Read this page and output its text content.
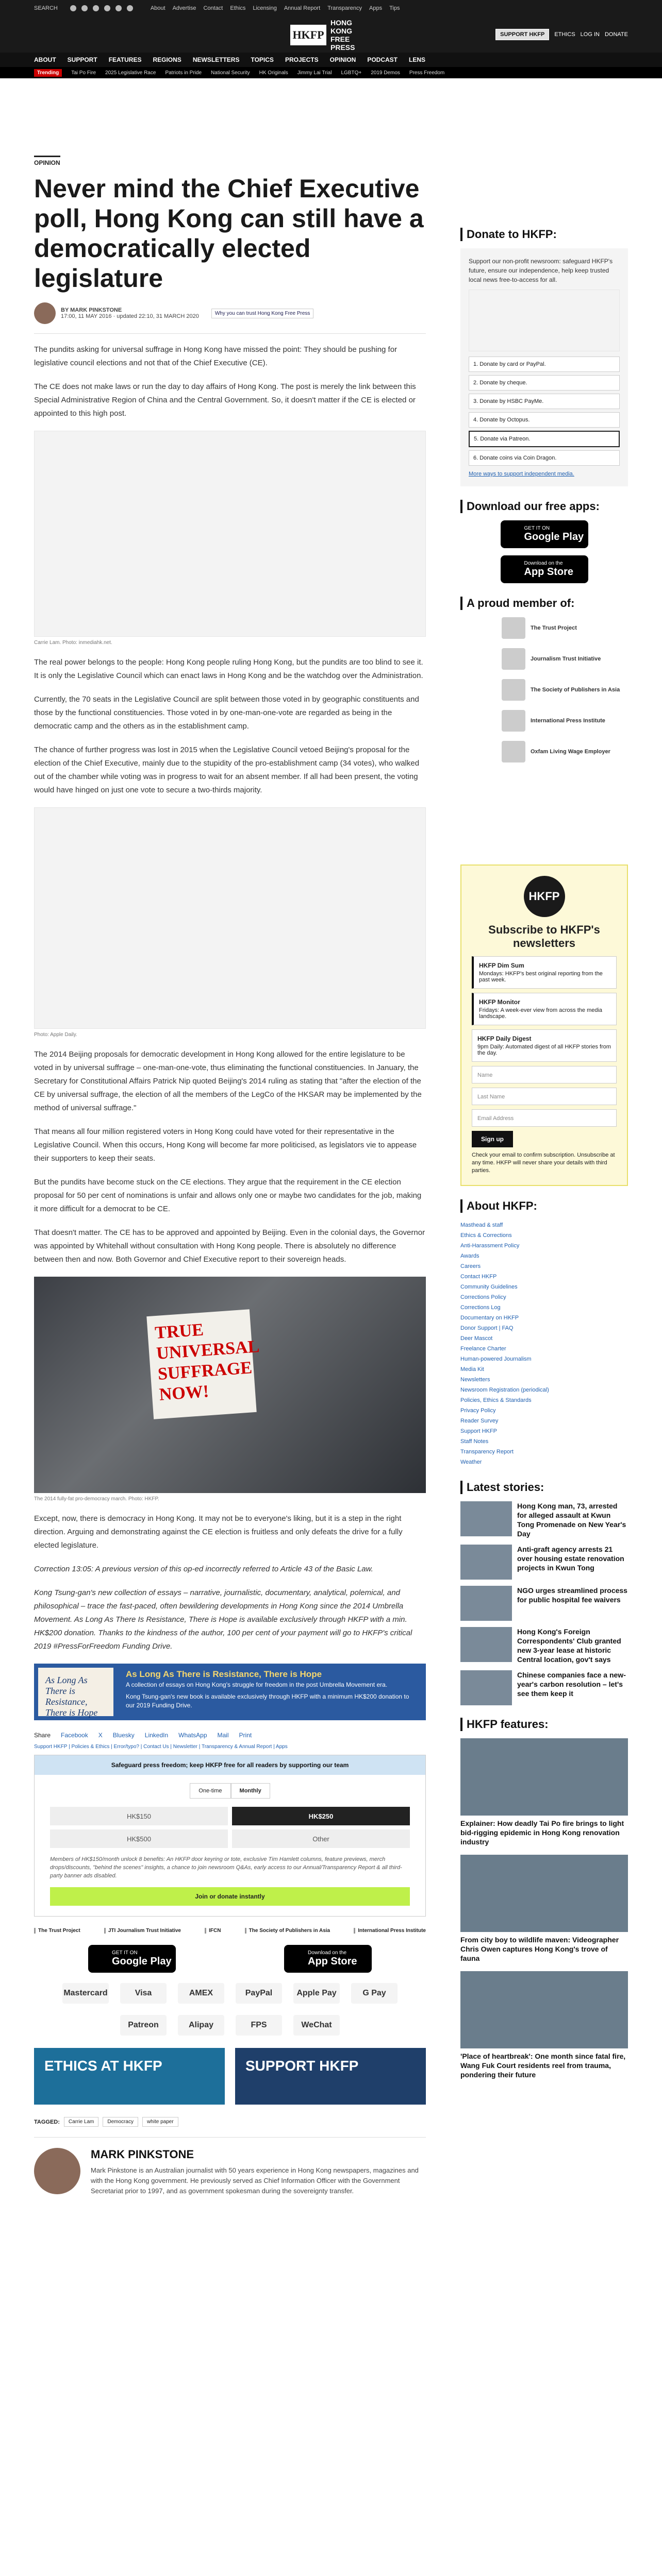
SEARCH	About Advertise Contact Ethics Licensing Annual Report Transparency Apps Tips
HKFP
HONG KONG FREE PRESS
SUPPORT HKFP	ETHICS LOG IN DONATE
ABOUT SUPPORT FEATURES REGIONS NEWSLETTERS TOPICS PROJECTS OPINION PODCAST LENS
Trending	Tai Po Fire 2025 Legislative Race Patriots in Pride National Security HK Originals Jimmy Lai Trial LGBTQ+ 2019 Demos Press Freedom
OPINION
Never mind the Chief Executive poll, Hong Kong can still have a democratically elected legislature
BY MARK PINKSTONE
17:00, 11 MAY 2016 · updated 22:10, 31 MARCH 2020	Why you can trust Hong Kong Free Press

The pundits asking for universal suffrage in Hong Kong have missed the point: They should be pushing for legislative council elections and not that of the Chief Executive (CE).

The CE does not make laws or run the day to day affairs of Hong Kong. The post is merely the link between this Special Administrative Region of China and the Central Government. So, it doesn't matter if the CE is elected or appointed to this high post.

Carrie Lam. Photo: inmediahk.net.

The real power belongs to the people: Hong Kong people ruling Hong Kong, but the pundits are too blind to see it. It is only the Legislative Council which can enact laws in Hong Kong and be the watchdog over the Administration.

Currently, the 70 seats in the Legislative Council are split between those voted in by geographic constituents and those by the functional constituencies. Those voted in by one-man-one-vote are regarded as being in the democratic camp and the others as in the establishment camp.

The chance of further progress was lost in 2015 when the Legislative Council vetoed Beijing's proposal for the election of the Chief Executive, mainly due to the stupidity of the pro-establishment camp (34 votes), who walked out of the chamber while voting was in progress to wait for an absent member. If all had been present, the voting would have hinged on just one vote to secure a two-thirds majority.

Photo: Apple Daily.

The 2014 Beijing proposals for democratic development in Hong Kong allowed for the entire legislature to be voted in by universal suffrage – one-man-one-vote, thus eliminating the functional constituencies. In January, the Secretary for Constitutional Affairs Patrick Nip quoted Beijing's 2014 ruling as stating that "after the election of the CE by universal suffrage, the election of all the members of the LegCo of the HKSAR may be implemented by the method of universal suffrage."

That means all four million registered voters in Hong Kong could have voted for their representative in the Legislative Council. When this occurs, Hong Kong will become far more politicised, as legislators vie to appease their supporters to keep their seats.

But the pundits have become stuck on the CE elections. They argue that the requirement in the CE election proposal for 50 per cent of nominations is unfair and allows only one or maybe two candidates for the job, making it more difficult for a democrat to be CE.

That doesn't matter. The CE has to be approved and appointed by Beijing. Even in the colonial days, the Governor was appointed by Whitehall without consultation with Hong Kong people. There is absolutely no difference between then and now. Both Governor and Chief Executive report to their sovereign heads.

TRUE UNIVERSAL SUFFRAGE NOW!
The 2014 fully-fat pro-democracy march. Photo: HKFP.

Except, now, there is democracy in Hong Kong. It may not be to everyone's liking, but it is a step in the right direction. Arguing and demonstrating against the CE election is fruitless and only defeats the drive for a fully elected legislature.

Correction 13:05: A previous version of this op-ed incorrectly referred to Article 43 of the Basic Law.

Kong Tsung-gan's new collection of essays – narrative, journalistic, documentary, analytical, polemical, and philosophical – trace the fast-paced, often bewildering developments in Hong Kong since the 2014 Umbrella Movement. As Long As There Is Resistance, There is Hope is available exclusively through HKFP with a min. HK$200 donation. Thanks to the kindness of the author, 100 per cent of your payment will go to HKFP's critical 2019 #PressForFreedom Funding Drive.

As Long As There is Resistance, There is Hope
As Long As There is Resistance, There is Hope
A collection of essays on Hong Kong's struggle for freedom in the post Umbrella Movement era.
Kong Tsung-gan's new book is available exclusively through HKFP with a minimum HK$200 donation to our 2019 Funding Drive.
Share Facebook X Bluesky LinkedIn WhatsApp Mail Print
Support HKFP | Policies & Ethics | Error/typo? | Contact Us | Newsletter | Transparency & Annual Report | Apps
Safeguard press freedom; keep HKFP free for all readers by supporting our team
One-time	Monthly
HK$150	HK$250
HK$500	Other
Members of HK$150/month unlock 8 benefits: An HKFP door keyring or tote, exclusive Tim Hamlett columns, feature previews, merch drops/discounts, "behind the scenes" insights, a chance to join newsroom Q&As, early access to our Annual/Transparency Report & all third-party banner ads disabled.
Join or donate instantly
The Trust Project	JTI Journalism Trust Initiative	IFCN	The Society of Publishers in Asia	International Press Institute
GET IT ON
Google Play
Download on the
App Store
Mastercard	Visa	AMEX	PayPal	Apple Pay	G Pay
Patreon	Alipay	FPS	WeChat
ETHICS AT HKFP	SUPPORT HKFP
TAGGED:	Carrie Lam	Democracy	white paper
MARK PINKSTONE

Mark Pinkstone is an Australian journalist with 50 years experience in Hong Kong newspapers, magazines and with the Hong Kong government. He previously served as Chief Information Officer with the Government Secretariat prior to 1997, and as government spokesman during the sovereignty transfer.

Donate to HKFP:

Support our non-profit newsroom: safeguard HKFP's future, ensure our independence, help keep trusted local news free-to-access for all.

1. Donate by card or PayPal.
2. Donate by cheque.
3. Donate by HSBC PayMe.
4. Donate by Octopus.
5. Donate via Patreon.
6. Donate coins via Coin Dragon.
More ways to support independent media.
Download our free apps:
GET IT ON
Google Play
Download on the
App Store
A proud member of:
The Trust Project
Journalism Trust Initiative
The Society of Publishers in Asia
International Press Institute
Oxfam Living Wage Employer
HKFP
Subscribe to HKFP's newsletters
HKFP Dim Sum
Mondays: HKFP's best original reporting from the past week.
HKFP Monitor
Fridays: A week-ever view from across the media landscape.
HKFP Daily Digest
9pm Daily: Automated digest of all HKFP stories from the day.
Name
Last Name
Email Address
Sign up
Check your email to confirm subscription. Unsubscribe at any time. HKFP will never share your details with third parties.
About HKFP:
Masthead & staff
Ethics & Corrections
Anti-Harassment Policy
Awards
Careers
Contact HKFP
Community Guidelines
Corrections Policy
Corrections Log
Documentary on HKFP
Donor Support | FAQ
Deer Mascot
Freelance Charter
Human-powered Journalism
Media Kit
Newsletters
Newsroom Registration (periodical)
Policies, Ethics & Standards
Privacy Policy
Reader Survey
Support HKFP
Staff Notes
Transparency Report
Weather
Latest stories:
Hong Kong man, 73, arrested for alleged assault at Kwun Tong Promenade on New Year's Day
Anti-graft agency arrests 21 over housing estate renovation projects in Kwun Tong
NGO urges streamlined process for public hospital fee waivers
Hong Kong's Foreign Correspondents' Club granted new 3-year lease at historic Central location, gov't says
Chinese companies face a new-year's carbon resolution – let's see them keep it
HKFP features:
Explainer: How deadly Tai Po fire brings to light bid-rigging epidemic in Hong Kong renovation industry
From city boy to wildlife maven: Videographer Chris Owen captures Hong Kong's trove of fauna
'Place of heartbreak': One month since fatal fire, Wang Fuk Court residents reel from trauma, pondering their future
